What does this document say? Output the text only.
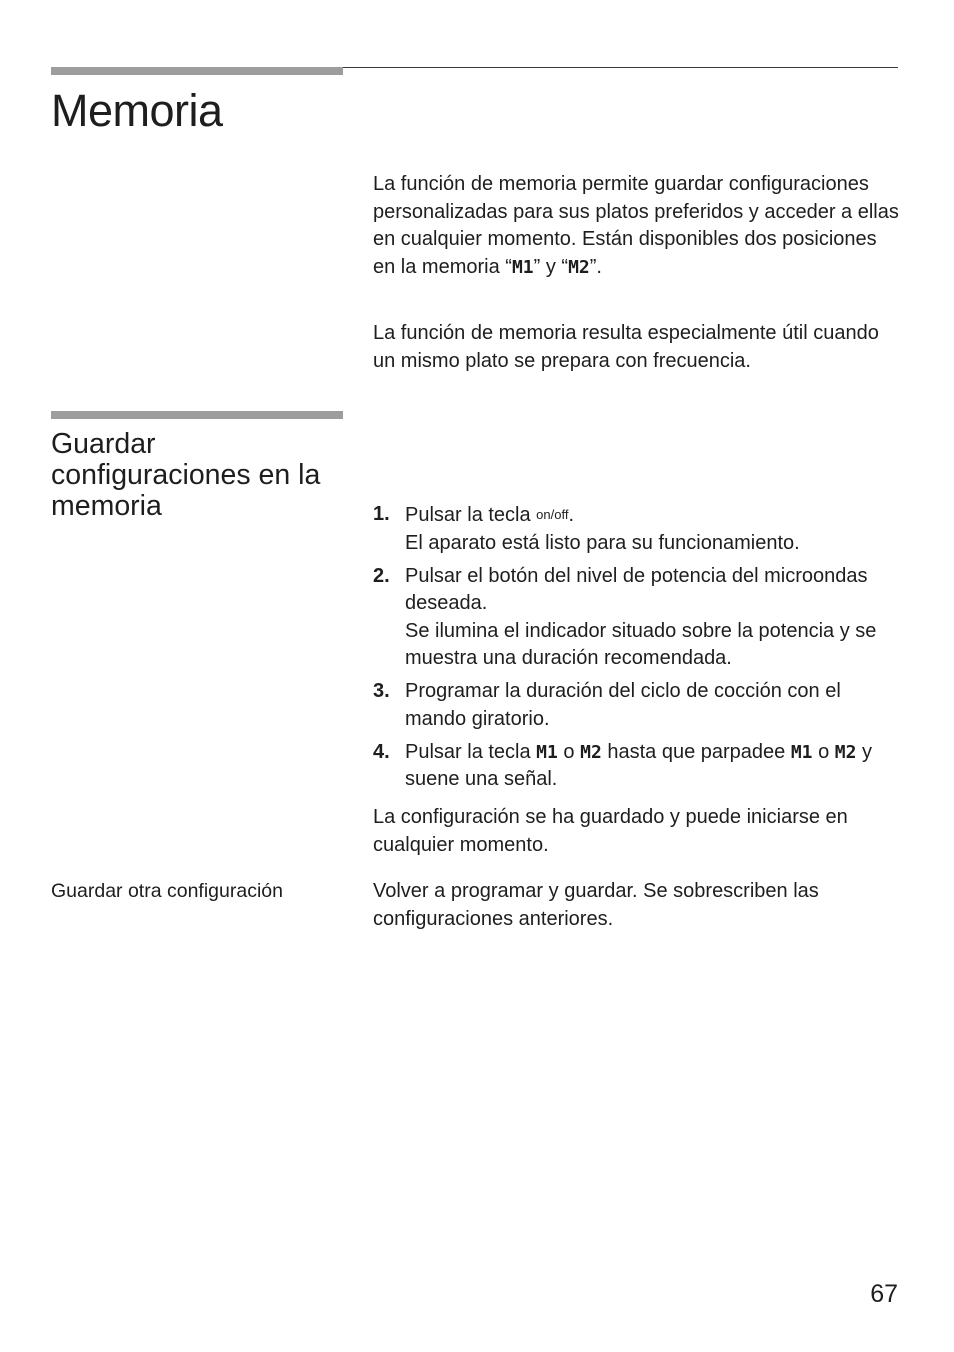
Memoria

La función de memoria permite guardar configuraciones personalizadas para sus platos preferidos y acceder a ellas en cualquier momento. Están disponibles dos posiciones en la memoria “M1” y “M2”.

La función de memoria resulta especialmente útil cuando un mismo plato se prepara con frecuencia.

Guardar configuraciones en la memoria	1. Pulsar la tecla on/off.
El aparato está listo para su funcionamiento.
2. Pulsar el botón del nivel de potencia del microondas deseada.
Se ilumina el indicador situado sobre la potencia y se muestra una duración recomendada.
3. Programar la duración del ciclo de cocción con el mando giratorio.
4. Pulsar la tecla M1 o M2 hasta que parpadee M1 o M2 y suene una señal.

La configuración se ha guardado y puede iniciarse en cualquier momento.

Guardar otra configuración	Volver a programar y guardar. Se sobrescriben las configuraciones anteriores.

67
